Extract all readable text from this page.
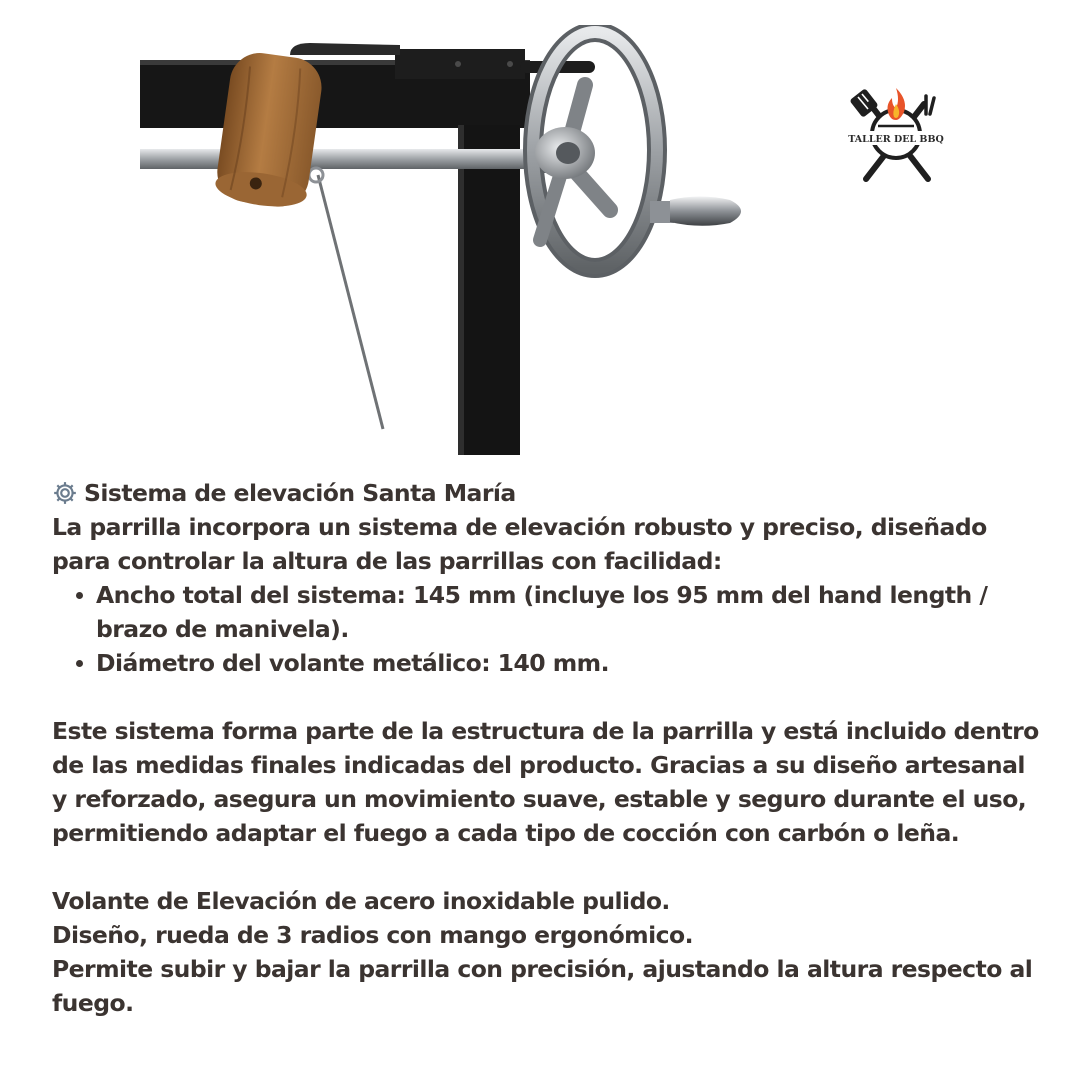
TALLER DEL BBQ

Sistema de elevación Santa María

La parrilla incorpora un sistema de elevación robusto y preciso, diseñado para controlar la altura de las parrillas con facilidad:

Ancho total del sistema: 145 mm (incluye los 95 mm del hand length / brazo de manivela).
Diámetro del volante metálico: 140 mm.

Este sistema forma parte de la estructura de la parrilla y está incluido dentro de las medidas finales indicadas del producto. Gracias a su diseño artesanal y reforzado, asegura un movimiento suave, estable y seguro durante el uso, permitiendo adaptar el fuego a cada tipo de cocción con carbón o leña.

Volante de Elevación de acero inoxidable pulido.

Diseño, rueda de 3 radios con mango ergonómico.

Permite subir y bajar la parrilla con precisión, ajustando la altura respecto al fuego.
